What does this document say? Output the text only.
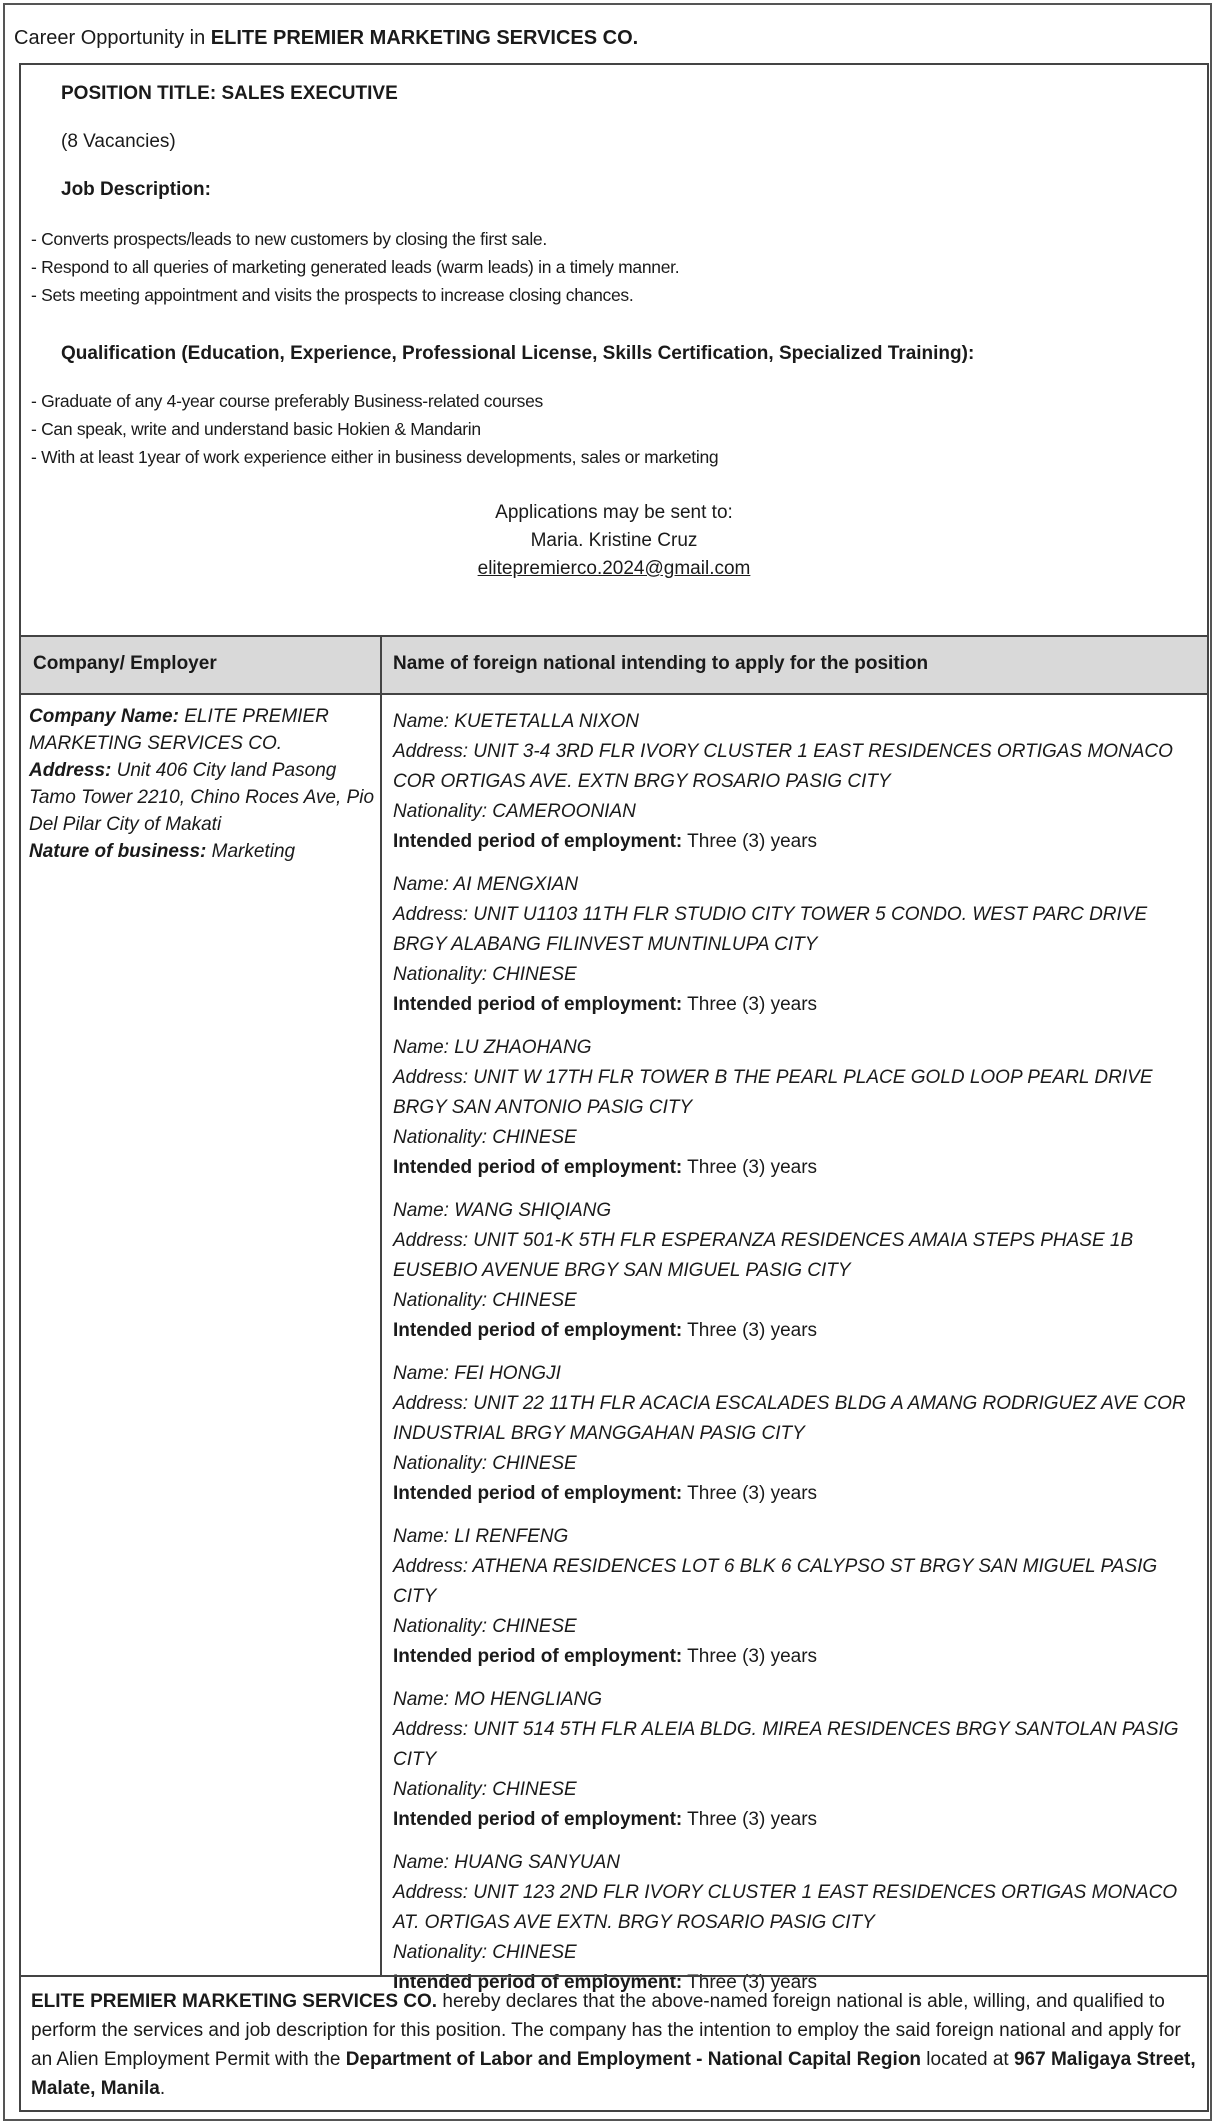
Career Opportunity in ELITE PREMIER MARKETING SERVICES CO.
POSITION TITLE: SALES EXECUTIVE
(8 Vacancies)
Job Description:
- Converts prospects/leads to new customers by closing the first sale.
- Respond to all queries of marketing generated leads (warm leads) in a timely manner.
- Sets meeting appointment and visits the prospects to increase closing chances.
Qualification (Education, Experience, Professional License, Skills Certification, Specialized Training):
- Graduate of any 4-year course preferably Business-related courses
- Can speak, write and understand basic Hokien & Mandarin
- With at least 1year of work experience either in business developments, sales or marketing
Applications may be sent to:
Maria. Kristine Cruz
elitepremierco.2024@gmail.com
Company/ Employer	Name of foreign national intending to apply for the position
Company Name: ELITE PREMIER MARKETING SERVICES CO.
Address: Unit 406 City land Pasong Tamo Tower 2210, Chino Roces Ave, Pio Del Pilar City of Makati
Nature of business: Marketing
Name: KUETETALLA NIXON
Address: UNIT 3-4 3RD FLR IVORY CLUSTER 1 EAST RESIDENCES ORTIGAS MONACO COR ORTIGAS AVE. EXTN BRGY ROSARIO PASIG CITY
Nationality: CAMEROONIAN
Intended period of employment: Three (3) years
Name: AI MENGXIAN
Address: UNIT U1103 11TH FLR STUDIO CITY TOWER 5 CONDO. WEST PARC DRIVE BRGY ALABANG FILINVEST MUNTINLUPA CITY
Nationality: CHINESE
Intended period of employment: Three (3) years
Name: LU ZHAOHANG
Address: UNIT W 17TH FLR TOWER B THE PEARL PLACE GOLD LOOP PEARL DRIVE BRGY SAN ANTONIO PASIG CITY
Nationality: CHINESE
Intended period of employment: Three (3) years
Name: WANG SHIQIANG
Address: UNIT 501-K 5TH FLR ESPERANZA RESIDENCES AMAIA STEPS PHASE 1B EUSEBIO AVENUE BRGY SAN MIGUEL PASIG CITY
Nationality: CHINESE
Intended period of employment: Three (3) years
Name: FEI HONGJI
Address: UNIT 22 11TH FLR ACACIA ESCALADES BLDG A AMANG RODRIGUEZ AVE COR INDUSTRIAL BRGY MANGGAHAN PASIG CITY
Nationality: CHINESE
Intended period of employment: Three (3) years
Name: LI RENFENG
Address: ATHENA RESIDENCES LOT 6 BLK 6 CALYPSO ST BRGY SAN MIGUEL PASIG CITY
Nationality: CHINESE
Intended period of employment: Three (3) years
Name: MO HENGLIANG
Address: UNIT 514 5TH FLR ALEIA BLDG. MIREA RESIDENCES BRGY SANTOLAN PASIG CITY
Nationality: CHINESE
Intended period of employment: Three (3) years
Name: HUANG SANYUAN
Address: UNIT 123 2ND FLR IVORY CLUSTER 1 EAST RESIDENCES ORTIGAS MONACO AT. ORTIGAS AVE EXTN. BRGY ROSARIO PASIG CITY
Nationality: CHINESE
Intended period of employment: Three (3) years
ELITE PREMIER MARKETING SERVICES CO. hereby declares that the above-named foreign national is able, willing, and qualified to perform the services and job description for this position. The company has the intention to employ the said foreign national and apply for an Alien Employment Permit with the Department of Labor and Employment - National Capital Region located at 967 Maligaya Street, Malate, Manila.
